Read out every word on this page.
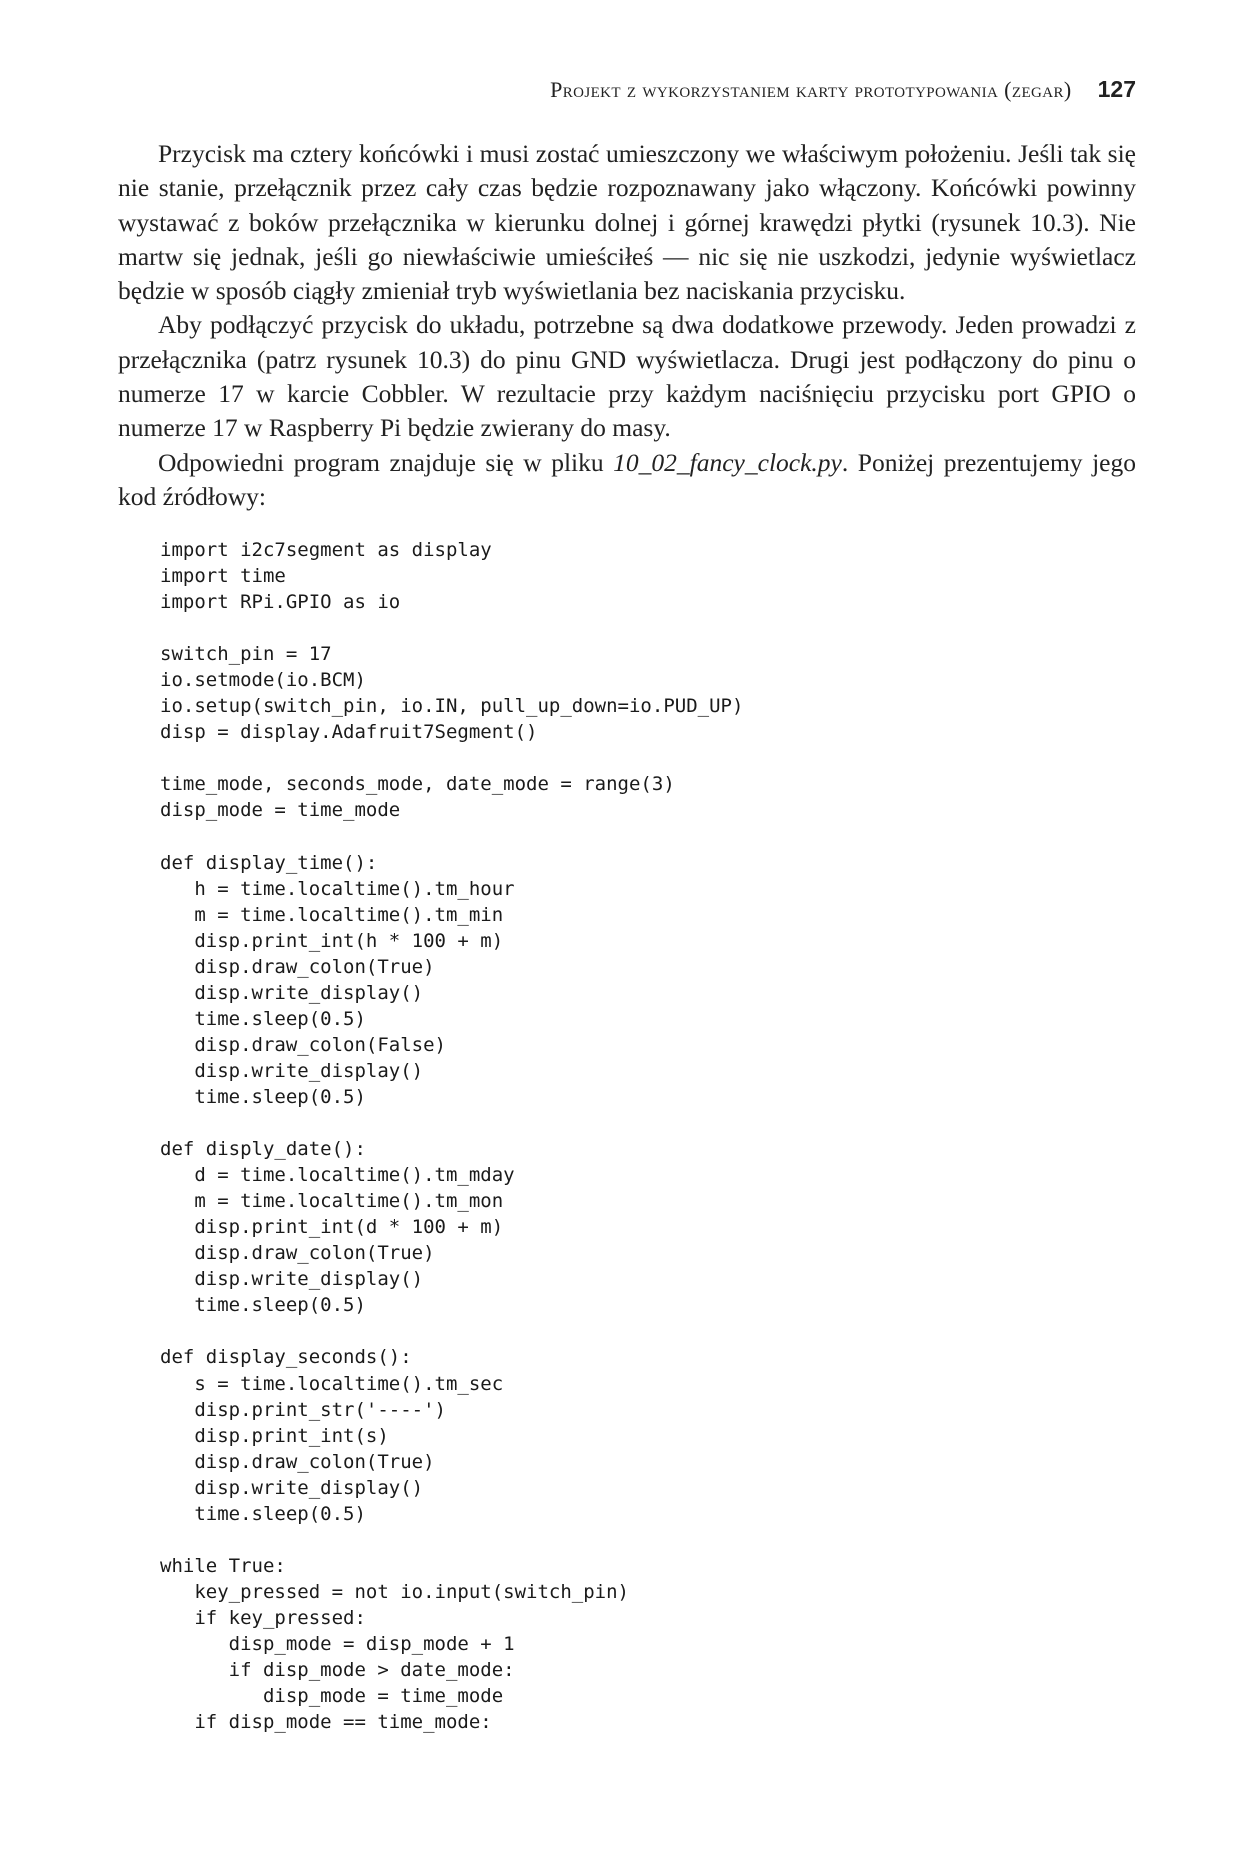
Projekt z wykorzystaniem karty prototypowania (zegar) 127

Przycisk ma cztery końcówki i musi zostać umieszczony we właściwym położeniu. Jeśli tak się nie stanie, przełącznik przez cały czas będzie rozpoznawany jako włączony. Końcówki powinny wystawać z boków przełącznika w kierunku dolnej i górnej krawędzi płytki (rysunek 10.3). Nie martw się jednak, jeśli go niewłaściwie umieściłeś — nic się nie uszkodzi, jedynie wyświetlacz będzie w sposób ciągły zmieniał tryb wyświetlania bez naciskania przycisku.

Aby podłączyć przycisk do układu, potrzebne są dwa dodatkowe przewody. Jeden prowadzi z przełącznika (patrz rysunek 10.3) do pinu GND wyświetlacza. Drugi jest podłączony do pinu o numerze 17 w karcie Cobbler. W rezultacie przy każdym naciśnięciu przycisku port GPIO o numerze 17 w Raspberry Pi będzie zwierany do masy.

Odpowiedni program znajduje się w pliku 10_02_fancy_clock.py. Poniżej prezentujemy jego kod źródłowy:

import i2c7segment as display
import time
import RPi.GPIO as io

switch_pin = 17
io.setmode(io.BCM)
io.setup(switch_pin, io.IN, pull_up_down=io.PUD_UP)
disp = display.Adafruit7Segment()

time_mode, seconds_mode, date_mode = range(3)
disp_mode = time_mode

def display_time():
h = time.localtime().tm_hour
m = time.localtime().tm_min
disp.print_int(h * 100 + m)
disp.draw_colon(True)
disp.write_display()
time.sleep(0.5)
disp.draw_colon(False)
disp.write_display()
time.sleep(0.5)

def disply_date():
d = time.localtime().tm_mday
m = time.localtime().tm_mon
disp.print_int(d * 100 + m)
disp.draw_colon(True)
disp.write_display()
time.sleep(0.5)

def display_seconds():
s = time.localtime().tm_sec
disp.print_str('----')
disp.print_int(s)
disp.draw_colon(True)
disp.write_display()
time.sleep(0.5)

while True:
key_pressed = not io.input(switch_pin)
if key_pressed:
disp_mode = disp_mode + 1
if disp_mode > date_mode:
disp_mode = time_mode
if disp_mode == time_mode:
